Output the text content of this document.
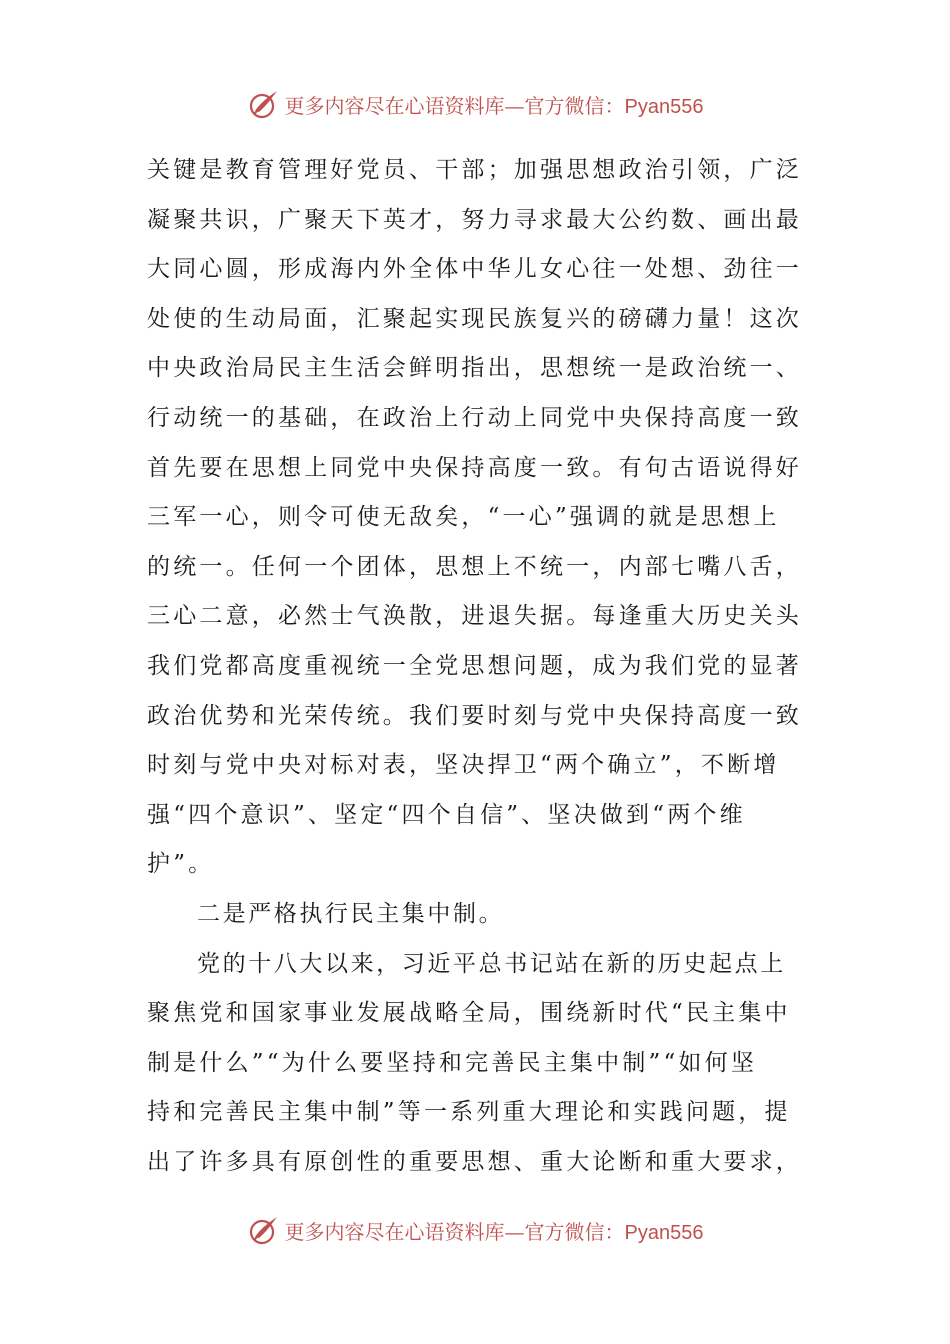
更多内容尽在心语资料库—官方微信：Pyan556
关键是教育管理好党员、干部；加强思想政治引领，广泛
凝聚共识，广聚天下英才，努力寻求最大公约数、画出最
大同心圆，形成海内外全体中华儿女心往一处想、劲往一
处使的生动局面，汇聚起实现民族复兴的磅礴力量！这次
中央政治局民主生活会鲜明指出，思想统一是政治统一、
行动统一的基础，在政治上行动上同党中央保持高度一致
首先要在思想上同党中央保持高度一致。有句古语说得好
三军一心，则令可使无敌矣，“一心”强调的就是思想上
的统一。任何一个团体，思想上不统一，内部七嘴八舌，
三心二意，必然士气涣散，进退失据。每逢重大历史关头
我们党都高度重视统一全党思想问题，成为我们党的显著
政治优势和光荣传统。我们要时刻与党中央保持高度一致
时刻与党中央对标对表，坚决捍卫“两个确立”，不断增
强“四个意识”、坚定“四个自信”、坚决做到“两个维
护”。
二是严格执行民主集中制。
党的十八大以来，习近平总书记站在新的历史起点上
聚焦党和国家事业发展战略全局，围绕新时代“民主集中
制是什么”“为什么要坚持和完善民主集中制”“如何坚
持和完善民主集中制”等一系列重大理论和实践问题，提
出了许多具有原创性的重要思想、重大论断和重大要求，
更多内容尽在心语资料库—官方微信：Pyan556
